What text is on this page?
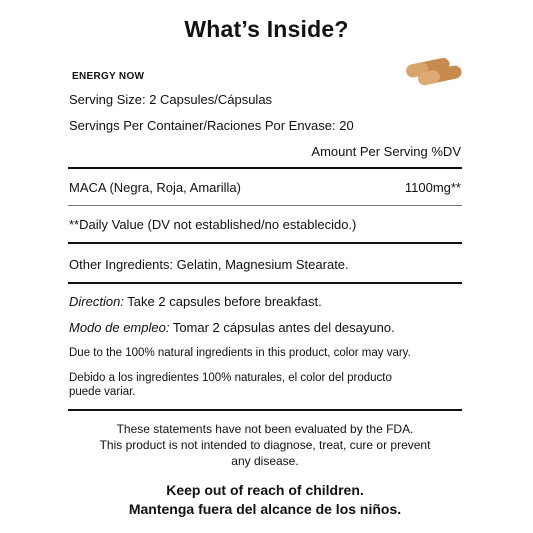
What’s Inside?
ENERGY NOW
Serving Size: 2 Capsules/Cápsulas
Servings Per Container/Raciones Por Envase: 20
Amount Per Serving %DV
MACA (Negra, Roja, Amarilla)	1100mg**
**Daily Value (DV not established/no establecido.)
Other Ingredients: Gelatin, Magnesium Stearate.
Direction: Take 2 capsules before breakfast.
Modo de empleo: Tomar 2 cápsulas antes del desayuno.
Due to the 100% natural ingredients in this product, color may vary.
Debido a los ingredientes 100% naturales, el color del producto
puede variar.
These statements have not been evaluated by the FDA.
This product is not intended to diagnose, treat, cure or prevent
any disease.
Keep out of reach of children.
Mantenga fuera del alcance de los niños.
